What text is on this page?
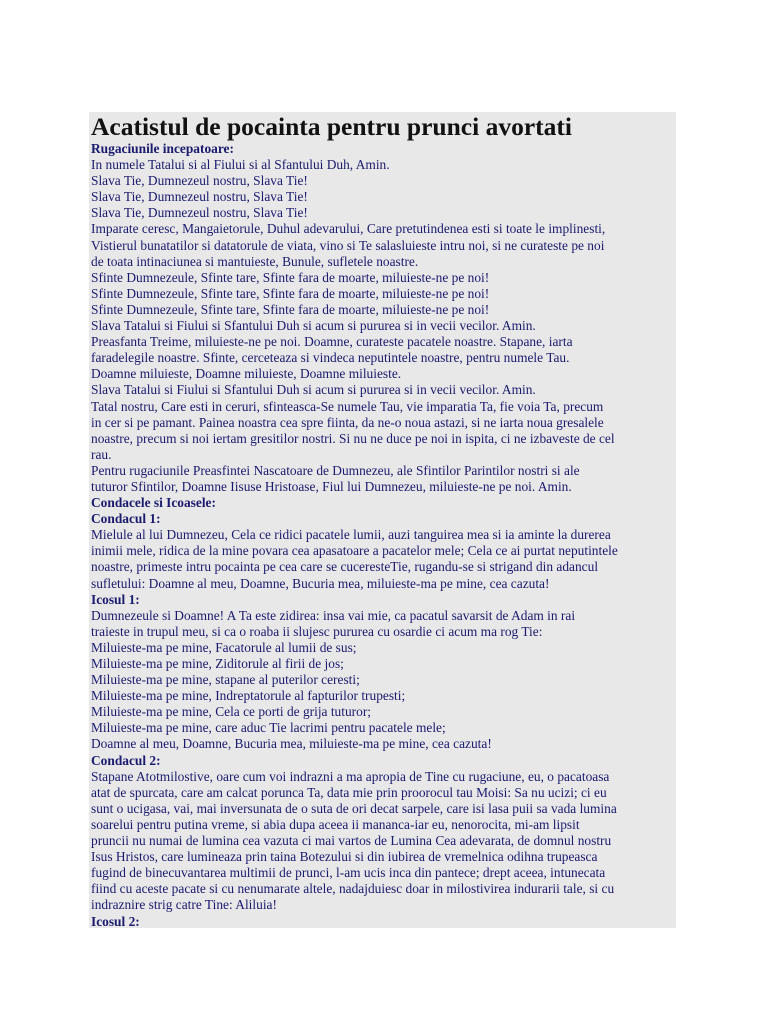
Acatistul de pocainta pentru prunci avortati
Rugaciunile incepatoare:
In numele Tatalui si al Fiului si al Sfantului Duh, Amin.
Slava Tie, Dumnezeul nostru, Slava Tie!
Slava Tie, Dumnezeul nostru, Slava Tie!
Slava Tie, Dumnezeul nostru, Slava Tie!
Imparate ceresc, Mangaietorule, Duhul adevarului, Care pretutindenea esti si toate le implinesti,
Vistierul bunatatilor si datatorule de viata, vino si Te salasluieste intru noi, si ne curateste pe noi
de toata intinaciunea si mantuieste, Bunule, sufletele noastre.
Sfinte Dumnezeule, Sfinte tare, Sfinte fara de moarte, miluieste-ne pe noi!
Sfinte Dumnezeule, Sfinte tare, Sfinte fara de moarte, miluieste-ne pe noi!
Sfinte Dumnezeule, Sfinte tare, Sfinte fara de moarte, miluieste-ne pe noi!
Slava Tatalui si Fiului si Sfantului Duh si acum si pururea si in vecii vecilor. Amin.
Preasfanta Treime, miluieste-ne pe noi. Doamne, curateste pacatele noastre. Stapane, iarta
faradelegile noastre. Sfinte, cerceteaza si vindeca neputintele noastre, pentru numele Tau.
Doamne miluieste, Doamne miluieste, Doamne miluieste.
Slava Tatalui si Fiului si Sfantului Duh si acum si pururea si in vecii vecilor. Amin.
Tatal nostru, Care esti in ceruri, sfinteasca-Se numele Tau, vie imparatia Ta, fie voia Ta, precum
in cer si pe pamant. Painea noastra cea spre fiinta, da ne-o noua astazi, si ne iarta noua gresalele
noastre, precum si noi iertam gresitilor nostri. Si nu ne duce pe noi in ispita, ci ne izbaveste de cel
rau.
Pentru rugaciunile Preasfintei Nascatoare de Dumnezeu, ale Sfintilor Parintilor nostri si ale
tuturor Sfintilor, Doamne Iisuse Hristoase, Fiul lui Dumnezeu, miluieste-ne pe noi. Amin.
Condacele si Icoasele:
Condacul 1:
Mielule al lui Dumnezeu, Cela ce ridici pacatele lumii, auzi tanguirea mea si ia aminte la durerea
inimii mele, ridica de la mine povara cea apasatoare a pacatelor mele; Cela ce ai purtat neputintele
noastre, primeste intru pocainta pe cea care se cuceresteTie, rugandu-se si strigand din adancul
sufletului: Doamne al meu, Doamne, Bucuria mea, miluieste-ma pe mine, cea cazuta!
Icosul 1:
Dumnezeule si Doamne! A Ta este zidirea: insa vai mie, ca pacatul savarsit de Adam in rai
traieste in trupul meu, si ca o roaba ii slujesc pururea cu osardie ci acum ma rog Tie:
Miluieste-ma pe mine, Facatorule al lumii de sus;
Miluieste-ma pe mine, Ziditorule al firii de jos;
Miluieste-ma pe mine, stapane al puterilor ceresti;
Miluieste-ma pe mine, Indreptatorule al fapturilor trupesti;
Miluieste-ma pe mine, Cela ce porti de grija tuturor;
Miluieste-ma pe mine, care aduc Tie lacrimi pentru pacatele mele;
Doamne al meu, Doamne, Bucuria mea, miluieste-ma pe mine, cea cazuta!
Condacul 2:
Stapane Atotmilostive, oare cum voi indrazni a ma apropia de Tine cu rugaciune, eu, o pacatoasa
atat de spurcata, care am calcat porunca Ta, data mie prin proorocul tau Moisi: Sa nu ucizi; ci eu
sunt o ucigasa, vai, mai inversunata de o suta de ori decat sarpele, care isi lasa puii sa vada lumina
soarelui pentru putina vreme, si abia dupa aceea ii mananca-iar eu, nenorocita, mi-am lipsit
pruncii nu numai de lumina cea vazuta ci mai vartos de Lumina Cea adevarata, de domnul nostru
Isus Hristos, care lumineaza prin taina Botezului si din iubirea de vremelnica odihna trupeasca
fugind de binecuvantarea multimii de prunci, l-am ucis inca din pantece; drept aceea, intunecata
fiind cu aceste pacate si cu nenumarate altele, nadajduiesc doar in milostivirea indurarii tale, si cu
indraznire strig catre Tine: Aliluia!
Icosul 2:
